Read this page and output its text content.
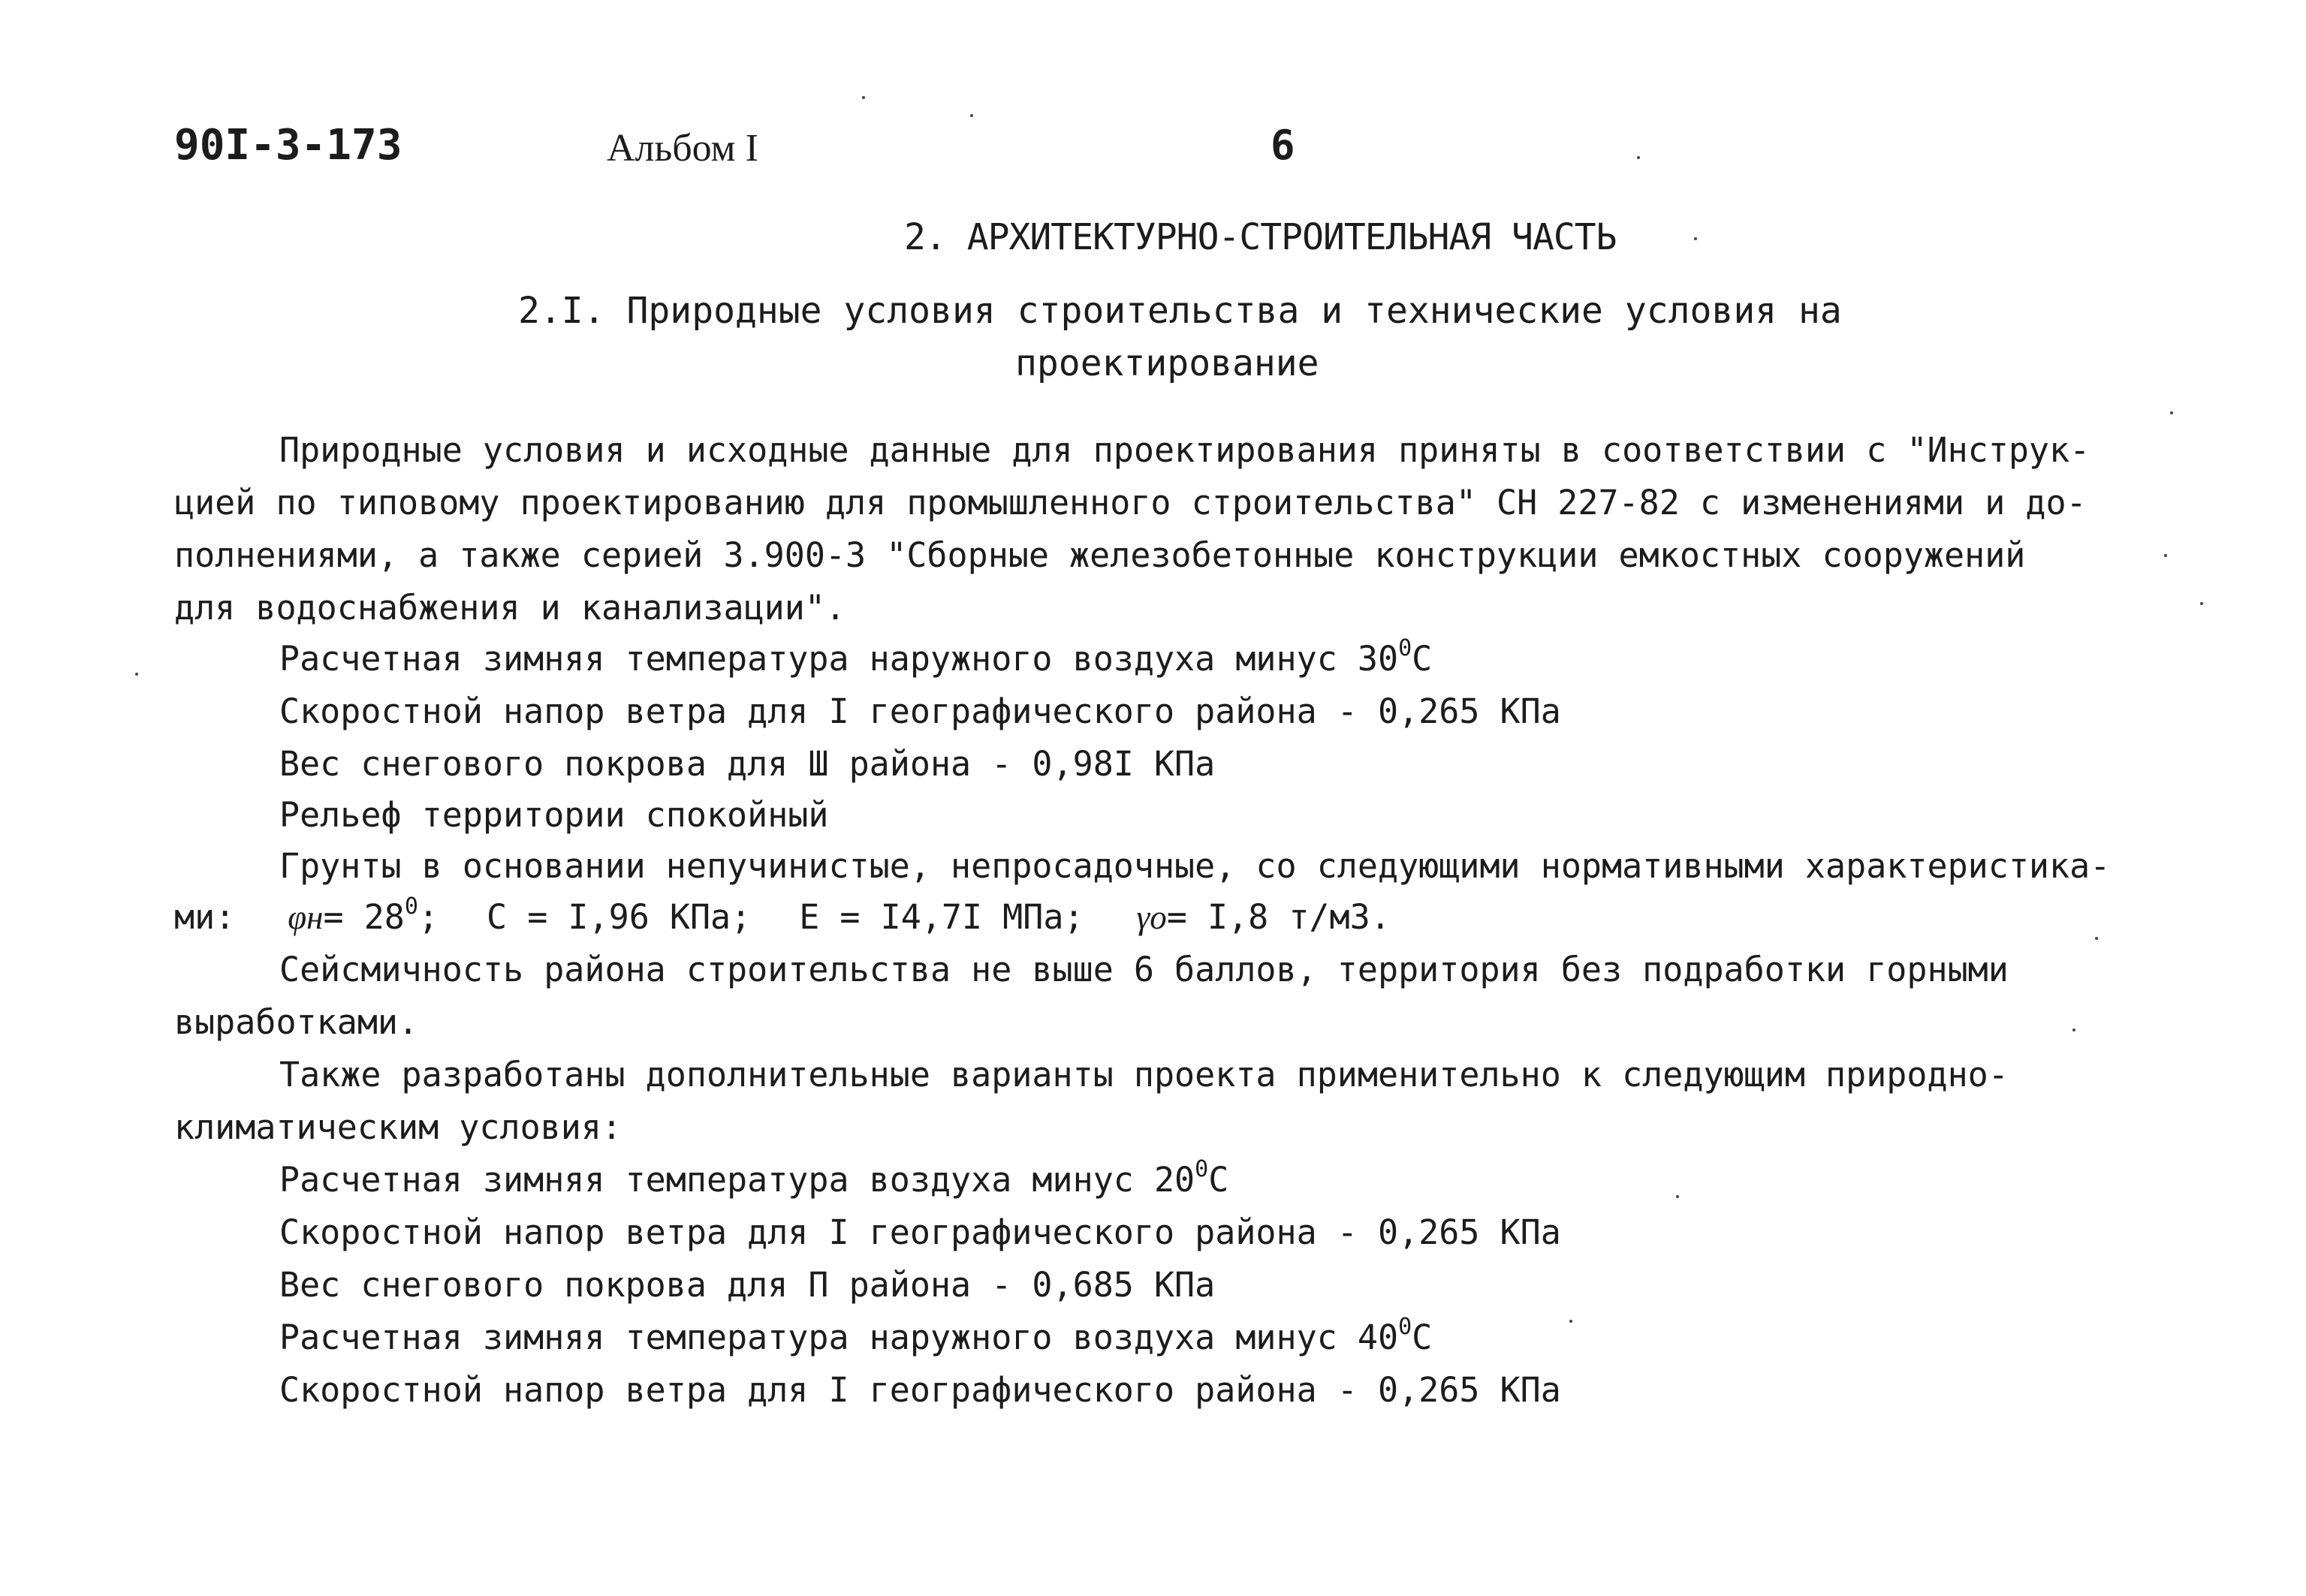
90I-3-173	Альбом I	6
2. АРХИТЕКТУРНО-СТРОИТЕЛЬНАЯ ЧАСТЬ
2.I. Природные условия строительства и технические условия на
проектирование
Природные условия и исходные данные для проектирования приняты в соответствии с "Инструк-
цией по типовому проектированию для промышленного строительства" СН 227-82 с изменениями и до-
полнениями, а также серией 3.900-3 "Сборные железобетонные конструкции емкостных сооружений
для водоснабжения и канализации".
Расчетная зимняя температура наружного воздуха минус $30^0С$
Скоростной напор ветра для I географического района - 0,265 КПа
Вес снегового покрова для Ш района - 0,98I КПа
Рельеф территории спокойный
Грунты в основании непучинистые, непросадочные, со следующими нормативными характеристика-
ми: $\varphi н= 28^0$; С = I,96 КПа; Е = I4,7I МПа; γо= I,8 т/м3.
Сейсмичность района строительства не выше 6 баллов, территория без подработки горными
выработками.
Также разработаны дополнительные варианты проекта применительно к следующим природно-
климатическим условия:
Расчетная зимняя температура воздуха минус $20^0С$
Скоростной напор ветра для I географического района - 0,265 КПа
Вес снегового покрова для П района - 0,685 КПа
Расчетная зимняя температура наружного воздуха минус $40^0С$
Скоростной напор ветра для I географического района - 0,265 КПа
